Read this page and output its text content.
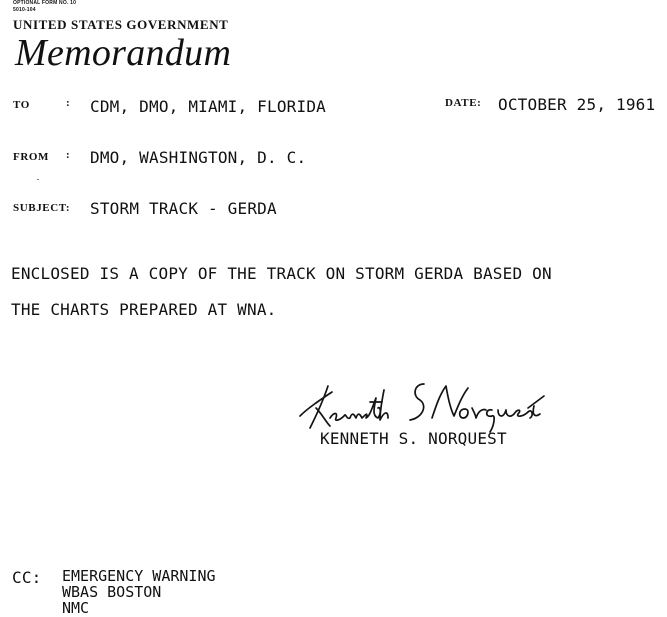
OPTIONAL FORM NO. 10
5010-104
UNITED STATES GOVERNMENT
Memorandum
TO	: CDM, DMO, MIAMI, FLORIDA	DATE: OCTOBER 25, 1961
FROM : DMO, WASHINGTON, D. C.
SUBJECT: STORM TRACK - GERDA
ENCLOSED IS A COPY OF THE TRACK ON STORM GERDA BASED ON
THE CHARTS PREPARED AT WNA.
KENNETH S. NORQUEST
CC: EMERGENCY WARNING
WBAS BOSTON
NMC
